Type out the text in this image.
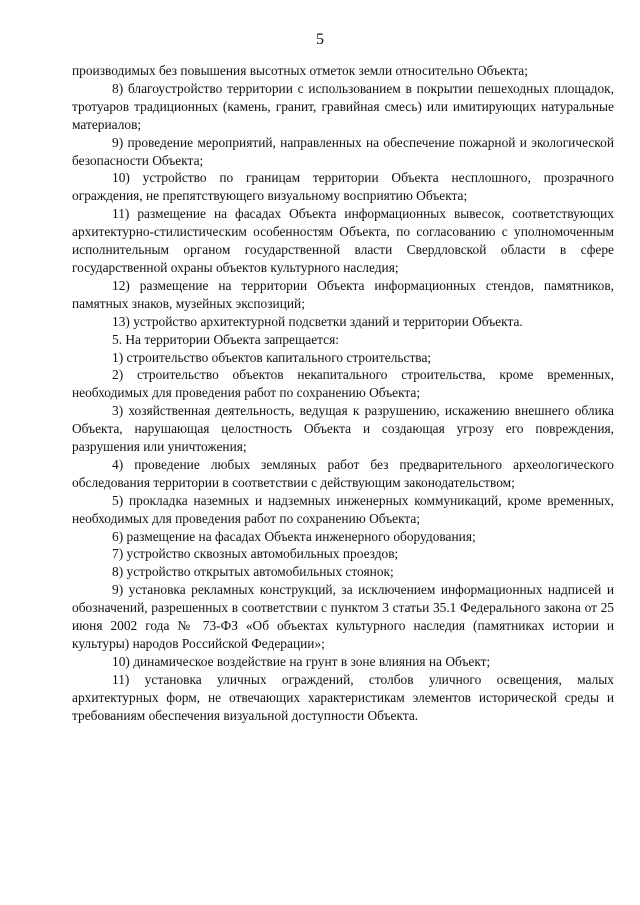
5

производимых без повышения высотных отметок земли относительно Объекта;

8) благоустройство территории с использованием в покрытии пешеходных площадок, тротуаров традиционных (камень, гранит, гравийная смесь) или имитирующих натуральные материалов;

9) проведение мероприятий, направленных на обеспечение пожарной и экологической безопасности Объекта;

10) устройство по границам территории Объекта несплошного, прозрачного ограждения, не препятствующего визуальному восприятию Объекта;

11) размещение на фасадах Объекта информационных вывесок, соответствующих архитектурно-стилистическим особенностям Объекта, по согласованию с уполномоченным исполнительным органом государственной власти Свердловской области в сфере государственной охраны объектов культурного наследия;

12) размещение на территории Объекта информационных стендов, памятников, памятных знаков, музейных экспозиций;

13) устройство архитектурной подсветки зданий и территории Объекта.

5. На территории Объекта запрещается:

1) строительство объектов капитального строительства;

2) строительство объектов некапитального строительства, кроме временных, необходимых для проведения работ по сохранению Объекта;

3) хозяйственная деятельность, ведущая к разрушению, искажению внешнего облика Объекта, нарушающая целостность Объекта и создающая угрозу его повреждения, разрушения или уничтожения;

4) проведение любых земляных работ без предварительного археологического обследования территории в соответствии с действующим законодательством;

5) прокладка наземных и надземных инженерных коммуникаций, кроме временных, необходимых для проведения работ по сохранению Объекта;

6) размещение на фасадах Объекта инженерного оборудования;

7) устройство сквозных автомобильных проездов;

8) устройство открытых автомобильных стоянок;

9) установка рекламных конструкций, за исключением информационных надписей и обозначений, разрешенных в соответствии с пунктом 3 статьи 35.1 Федерального закона от 25 июня 2002 года № 73-ФЗ «Об объектах культурного наследия (памятниках истории и культуры) народов Российской Федерации»;

10) динамическое воздействие на грунт в зоне влияния на Объект;

11) установка уличных ограждений, столбов уличного освещения, малых архитектурных форм, не отвечающих характеристикам элементов исторической среды и требованиям обеспечения визуальной доступности Объекта.
